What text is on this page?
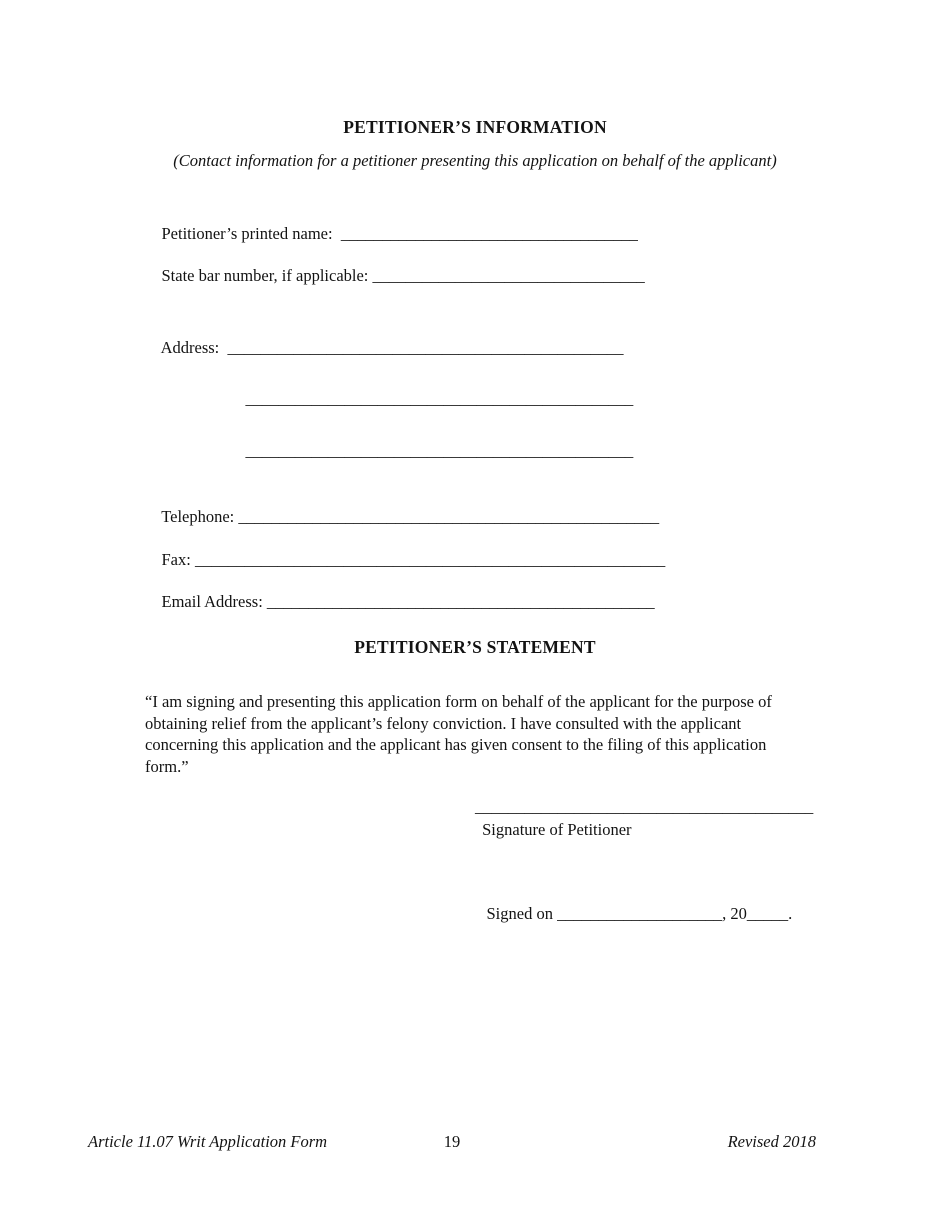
PETITIONER’S INFORMATION
(Contact information for a petitioner presenting this application on behalf of the applicant)

Petitioner’s printed name:  ____________________________________

State bar number, if applicable: _________________________________

Address:  ________________________________________________

_______________________________________________

_______________________________________________

Telephone: ___________________________________________________

Fax: _________________________________________________________

Email Address: _______________________________________________

PETITIONER’S STATEMENT
“I am signing and presenting this application form on behalf of the applicant for the purpose of obtaining relief from the applicant’s felony conviction. I have consulted with the applicant concerning this application and the applicant has given consent to the filing of this application form.”
_________________________________________
Signature of Petitioner

Signed on ____________________, 20_____.

Article 11.07 Writ Application Form	19	Revised 2018
